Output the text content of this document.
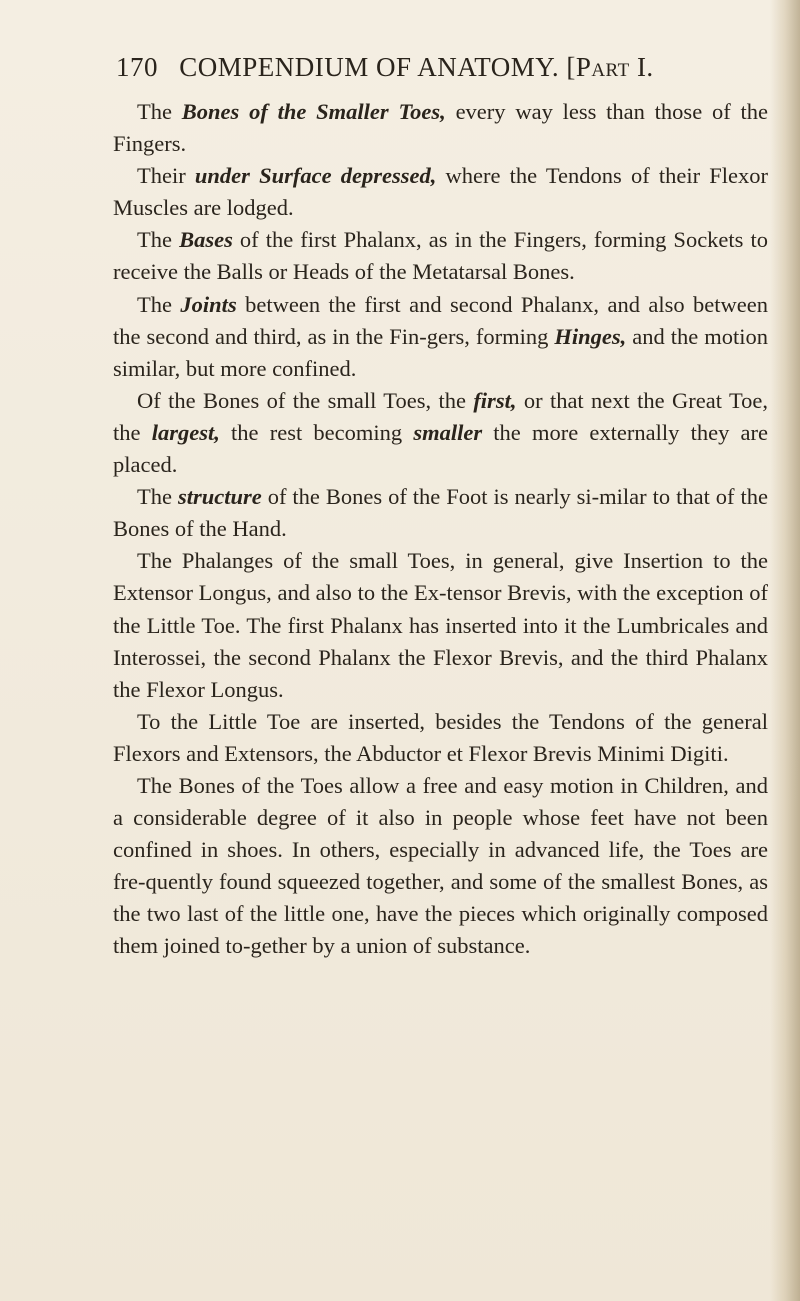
170 COMPENDIUM OF ANATOMY. [Part I.

The Bones of the Smaller Toes, every way less than those of the Fingers.

Their under Surface depressed, where the Tendons of their Flexor Muscles are lodged.

The Bases of the first Phalanx, as in the Fingers, forming Sockets to receive the Balls or Heads of the Metatarsal Bones.

The Joints between the first and second Phalanx, and also between the second and third, as in the Fin-gers, forming Hinges, and the motion similar, but more confined.

Of the Bones of the small Toes, the first, or that next the Great Toe, the largest, the rest becoming smaller the more externally they are placed.

The structure of the Bones of the Foot is nearly si-milar to that of the Bones of the Hand.

The Phalanges of the small Toes, in general, give Insertion to the Extensor Longus, and also to the Ex-tensor Brevis, with the exception of the Little Toe. The first Phalanx has inserted into it the Lumbricales and Interossei, the second Phalanx the Flexor Brevis, and the third Phalanx the Flexor Longus.

To the Little Toe are inserted, besides the Tendons of the general Flexors and Extensors, the Abductor et Flexor Brevis Minimi Digiti.

The Bones of the Toes allow a free and easy motion in Children, and a considerable degree of it also in people whose feet have not been confined in shoes. In others, especially in advanced life, the Toes are fre-quently found squeezed together, and some of the smallest Bones, as the two last of the little one, have the pieces which originally composed them joined to-gether by a union of substance.
